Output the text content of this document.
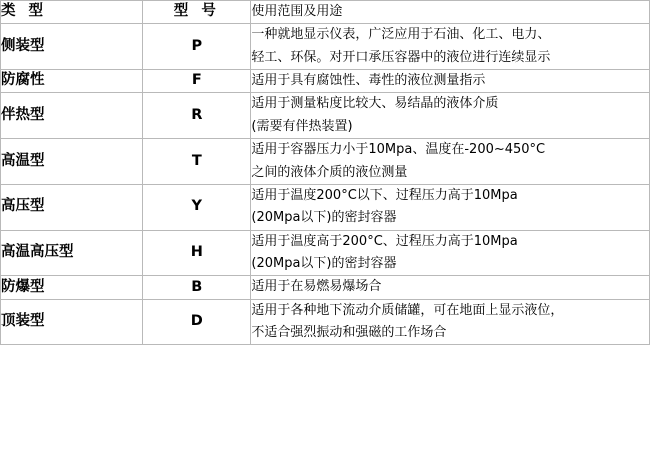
类 型	型 号	使用范围及用途
侧装型	P	一种就地显示仪表，广泛应用于石油、化工、电力、
轻工、环保。对开口承压容器中的液位进行连续显示

防腐性	F	适用于具有腐蚀性、毒性的液位测量指示

伴热型	R	适用于测量粘度比较大、易结晶的液体介质
(需要有伴热装置)

高温型	T	适用于容器压力小于10Mpa、温度在-200~450°C
之间的液体介质的液位测量

高压型	Y	适用于温度200°C以下、过程压力高于10Mpa
(20Mpa以下)的密封容器

高温高压型	H	适用于温度高于200°C、过程压力高于10Mpa
(20Mpa以下)的密封容器

防爆型	B	适用于在易燃易爆场合

顶装型	D	适用于各种地下流动介质储罐，可在地面上显示液位，
不适合强烈振动和强磁的工作场合
